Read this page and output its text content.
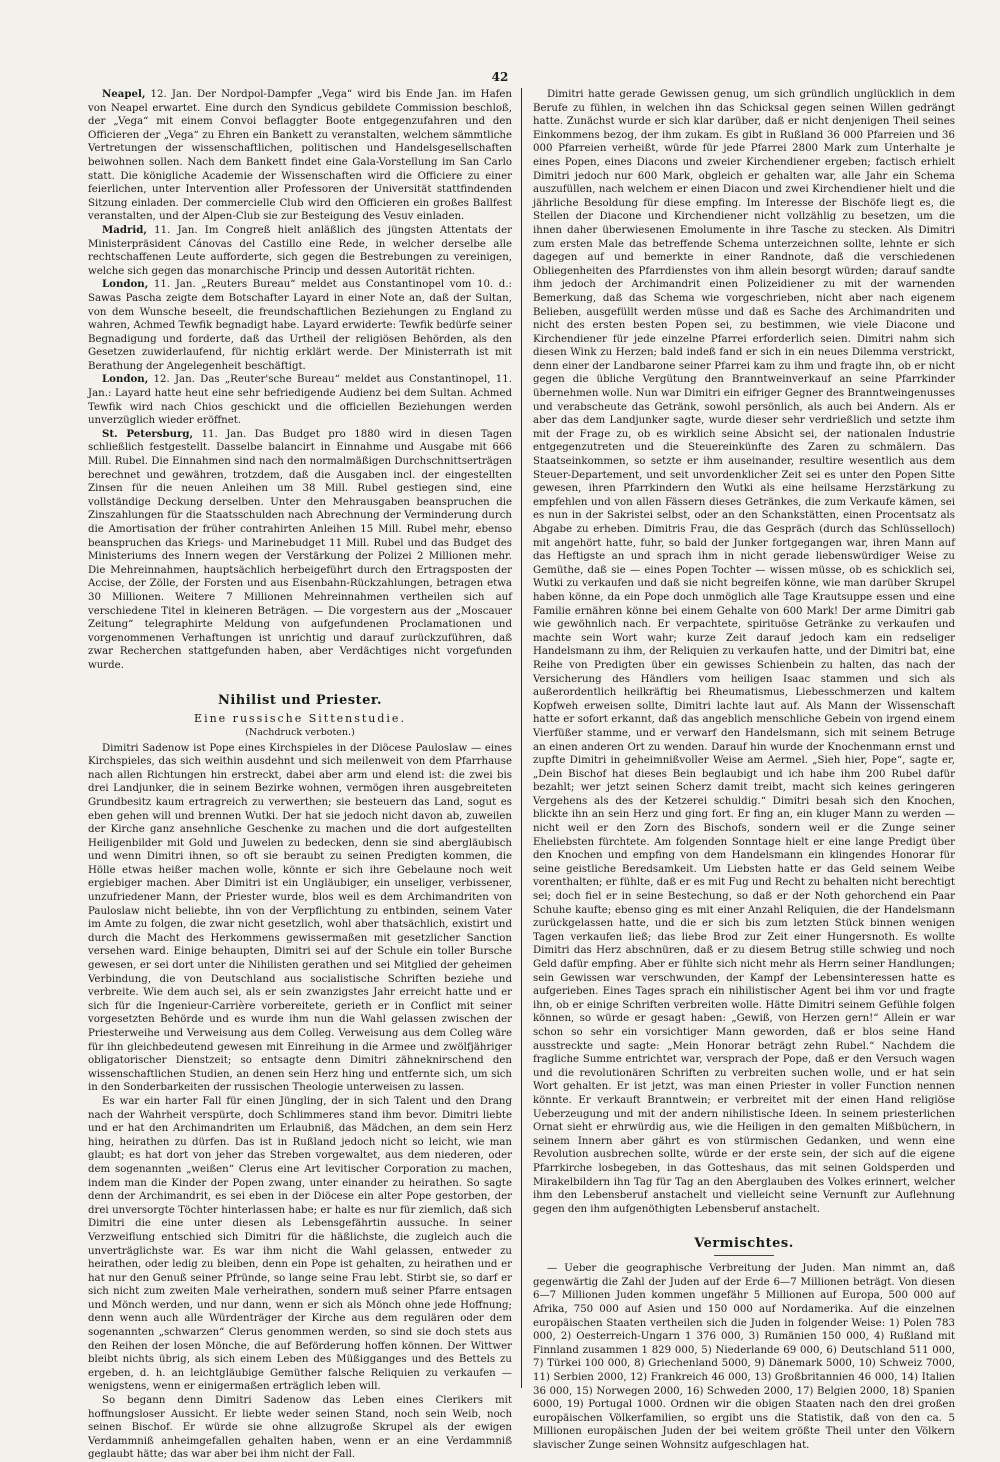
42

Neapel, 12. Jan. Der Nordpol-Dampfer „Vega“ wird bis Ende Jan. im Hafen von Neapel erwartet. Eine durch den Syndicus gebildete Commission beschloß, der „Vega“ mit einem Convoi beflaggter Boote entgegenzufahren und den Officieren der „Vega“ zu Ehren ein Bankett zu veranstalten, welchem sämmtliche Vertretungen der wissenschaftlichen, politischen und Handelsgesellschaften beiwohnen sollen. Nach dem Bankett findet eine Gala-Vorstellung im San Carlo statt. Die königliche Academie der Wissenschaften wird die Officiere zu einer feierlichen, unter Intervention aller Professoren der Universität stattfindenden Sitzung einladen. Der commercielle Club wird den Officieren ein großes Ballfest veranstalten, und der Alpen-Club sie zur Besteigung des Vesuv einladen.

Madrid, 11. Jan. Im Congreß hielt anläßlich des jüngsten Attentats der Ministerpräsident Cánovas del Castillo eine Rede, in welcher derselbe alle rechtschaffenen Leute aufforderte, sich gegen die Bestrebungen zu vereinigen, welche sich gegen das monarchische Princip und dessen Autorität richten.

London, 11. Jan. „Reuters Bureau“ meldet aus Constantinopel vom 10. d.: Sawas Pascha zeigte dem Botschafter Layard in einer Note an, daß der Sultan, von dem Wunsche beseelt, die freundschaftlichen Beziehungen zu England zu wahren, Achmed Tewfik begnadigt habe. Layard erwiderte: Tewfik bedürfe seiner Begnadigung und forderte, daß das Urtheil der religiösen Behörden, als den Gesetzen zuwiderlaufend, für nichtig erklärt werde. Der Ministerrath ist mit Berathung der Angelegenheit beschäftigt.

London, 12. Jan. Das „Reuter'sche Bureau“ meldet aus Constantinopel, 11. Jan.: Layard hatte heut eine sehr befriedigende Audienz bei dem Sultan. Achmed Tewfik wird nach Chios geschickt und die officiellen Beziehungen werden unverzüglich wieder eröffnet.

St. Petersburg, 11. Jan. Das Budget pro 1880 wird in diesen Tagen schließlich festgestellt. Dasselbe balancirt in Einnahme und Ausgabe mit 666 Mill. Rubel. Die Einnahmen sind nach den normalmäßigen Durchschnittserträgen berechnet und gewähren, trotzdem, daß die Ausgaben incl. der eingestellten Zinsen für die neuen Anleihen um 38 Mill. Rubel gestiegen sind, eine vollständige Deckung derselben. Unter den Mehrausgaben beanspruchen die Zinszahlungen für die Staatsschulden nach Abrechnung der Verminderung durch die Amortisation der früher contrahirten Anleihen 15 Mill. Rubel mehr, ebenso beanspruchen das Kriegs- und Marinebudget 11 Mill. Rubel und das Budget des Ministeriums des Innern wegen der Verstärkung der Polizei 2 Millionen mehr. Die Mehreinnahmen, hauptsächlich herbeigeführt durch den Ertragsposten der Accise, der Zölle, der Forsten und aus Eisenbahn-Rückzahlungen, betragen etwa 30 Millionen. Weitere 7 Millionen Mehreinnahmen vertheilen sich auf verschiedene Titel in kleineren Beträgen. — Die vorgestern aus der „Moscauer Zeitung“ telegraphirte Meldung von aufgefundenen Proclamationen und vorgenommenen Verhaftungen ist unrichtig und darauf zurückzuführen, daß zwar Recherchen stattgefunden haben, aber Verdächtiges nicht vorgefunden wurde.

Nihilist und Priester.
Eine russische Sittenstudie.
(Nachdruck verboten.)

Dimitri Sadenow ist Pope eines Kirchspieles in der Diöcese Pauloslaw — eines Kirchspieles, das sich weithin ausdehnt und sich meilenweit von dem Pfarrhause nach allen Richtungen hin erstreckt, dabei aber arm und elend ist: die zwei bis drei Landjunker, die in seinem Bezirke wohnen, vermögen ihren ausgebreiteten Grundbesitz kaum ertragreich zu verwerthen; sie besteuern das Land, sogut es eben gehen will und brennen Wutki. Der hat sie jedoch nicht davon ab, zuweilen der Kirche ganz ansehnliche Geschenke zu machen und die dort aufgestellten Heiligenbilder mit Gold und Juwelen zu bedecken, denn sie sind abergläubisch und wenn Dimitri ihnen, so oft sie beraubt zu seinen Predigten kommen, die Hölle etwas heißer machen wolle, könnte er sich ihre Gebelaune noch weit ergiebiger machen. Aber Dimitri ist ein Ungläubiger, ein unseliger, verbissener, unzufriedener Mann, der Priester wurde, blos weil es dem Archimandriten von Pauloslaw nicht beliebte, ihn von der Verpflichtung zu entbinden, seinem Vater im Amte zu folgen, die zwar nicht gesetzlich, wohl aber thatsächlich, existirt und durch die Macht des Herkommens gewissermaßen mit gesetzlicher Sanction versehen ward. Einige behaupten, Dimitri sei auf der Schule ein toller Bursche gewesen, er sei dort unter die Nihilisten gerathen und sei Mitglied der geheimen Verbindung, die von Deutschland aus socialistische Schriften beziehe und verbreite. Wie dem auch sei, als er sein zwanzigstes Jahr erreicht hatte und er sich für die Ingenieur-Carrière vorbereitete, gerieth er in Conflict mit seiner vorgesetzten Behörde und es wurde ihm nun die Wahl gelassen zwischen der Priesterweihe und Verweisung aus dem Colleg. Verweisung aus dem Colleg wäre für ihn gleichbedeutend gewesen mit Einreihung in die Armee und zwölfjähriger obligatorischer Dienstzeit; so entsagte denn Dimitri zähneknirschend den wissenschaftlichen Studien, an denen sein Herz hing und entfernte sich, um sich in den Sonderbarkeiten der russischen Theologie unterweisen zu lassen.

Es war ein harter Fall für einen Jüngling, der in sich Talent und den Drang nach der Wahrheit verspürte, doch Schlimmeres stand ihm bevor. Dimitri liebte und er hat den Archimandriten um Erlaubniß, das Mädchen, an dem sein Herz hing, heirathen zu dürfen. Das ist in Rußland jedoch nicht so leicht, wie man glaubt; es hat dort von jeher das Streben vorgewaltet, aus dem niederen, oder dem sogenannten „weißen“ Clerus eine Art levitischer Corporation zu machen, indem man die Kinder der Popen zwang, unter einander zu heirathen. So sagte denn der Archimandrit, es sei eben in der Diöcese ein alter Pope gestorben, der drei unversorgte Töchter hinterlassen habe; er halte es nur für ziemlich, daß sich Dimitri die eine unter diesen als Lebensgefährtin aussuche. In seiner Verzweiflung entschied sich Dimitri für die häßlichste, die zugleich auch die unverträglichste war. Es war ihm nicht die Wahl gelassen, entweder zu heirathen, oder ledig zu bleiben, denn ein Pope ist gehalten, zu heirathen und er hat nur den Genuß seiner Pfründe, so lange seine Frau lebt. Stirbt sie, so darf er sich nicht zum zweiten Male verheirathen, sondern muß seiner Pfarre entsagen und Mönch werden, und nur dann, wenn er sich als Mönch ohne jede Hoffnung; denn wenn auch alle Würdenträger der Kirche aus dem regulären oder dem sogenannten „schwarzen“ Clerus genommen werden, so sind sie doch stets aus den Reihen der losen Mönche, die auf Beförderung hoffen können. Der Wittwer bleibt nichts übrig, als sich einem Leben des Müßigganges und des Bettels zu ergeben, d. h. an leichtgläubige Gemüther falsche Reliquien zu verkaufen — wenigstens, wenn er einigermaßen erträglich leben will.

So begann denn Dimitri Sadenow das Leben eines Clerikers mit hoffnungsloser Aussicht. Er liebte weder seinen Stand, noch sein Weib, noch seinen Bischof. Er würde sie ohne allzugroße Skrupel als der ewigen Verdammniß anheimgefallen gehalten haben, wenn er an eine Verdammniß geglaubt hätte; das war aber bei ihm nicht der Fall.

Dimitri hatte gerade Gewissen genug, um sich gründlich unglücklich in dem Berufe zu fühlen, in welchen ihn das Schicksal gegen seinen Willen gedrängt hatte. Zunächst wurde er sich klar darüber, daß er nicht denjenigen Theil seines Einkommens bezog, der ihm zukam. Es gibt in Rußland 36 000 Pfarreien und 36 000 Pfarreien verheißt, würde für jede Pfarrei 2800 Mark zum Unterhalte je eines Popen, eines Diacons und zweier Kirchendiener ergeben; factisch erhielt Dimitri jedoch nur 600 Mark, obgleich er gehalten war, alle Jahr ein Schema auszufüllen, nach welchem er einen Diacon und zwei Kirchendiener hielt und die jährliche Besoldung für diese empfing. Im Interesse der Bischöfe liegt es, die Stellen der Diacone und Kirchendiener nicht vollzählig zu besetzen, um die ihnen daher überwiesenen Emolumente in ihre Tasche zu stecken. Als Dimitri zum ersten Male das betreffende Schema unterzeichnen sollte, lehnte er sich dagegen auf und bemerkte in einer Randnote, daß die verschiedenen Obliegenheiten des Pfarrdienstes von ihm allein besorgt würden; darauf sandte ihm jedoch der Archimandrit einen Polizeidiener zu mit der warnenden Bemerkung, daß das Schema wie vorgeschrieben, nicht aber nach eigenem Belieben, ausgefüllt werden müsse und daß es Sache des Archimandriten und nicht des ersten besten Popen sei, zu bestimmen, wie viele Diacone und Kirchendiener für jede einzelne Pfarrei erforderlich seien. Dimitri nahm sich diesen Wink zu Herzen; bald indeß fand er sich in ein neues Dilemma verstrickt, denn einer der Landbarone seiner Pfarrei kam zu ihm und fragte ihn, ob er nicht gegen die übliche Vergütung den Branntweinverkauf an seine Pfarrkinder übernehmen wolle. Nun war Dimitri ein eifriger Gegner des Branntweingenusses und verabscheute das Getränk, sowohl persönlich, als auch bei Andern. Als er aber das dem Landjunker sagte, wurde dieser sehr verdrießlich und setzte ihm mit der Frage zu, ob es wirklich seine Absicht sei, der nationalen Industrie entgegenzutreten und die Steuereinkünfte des Zaren zu schmälern. Das Staatseinkommen, so setzte er ihm auseinander, resultire wesentlich aus dem Steuer-Departement, und seit unvordenklicher Zeit sei es unter den Popen Sitte gewesen, ihren Pfarrkindern den Wutki als eine heilsame Herzstärkung zu empfehlen und von allen Fässern dieses Getränkes, die zum Verkaufe kämen, sei es nun in der Sakristei selbst, oder an den Schankstätten, einen Procentsatz als Abgabe zu erheben. Dimitris Frau, die das Gespräch (durch das Schlüsselloch) mit angehört hatte, fuhr, so bald der Junker fortgegangen war, ihren Mann auf das Heftigste an und sprach ihm in nicht gerade liebenswürdiger Weise zu Gemüthe, daß sie — eines Popen Tochter — wissen müsse, ob es schicklich sei, Wutki zu verkaufen und daß sie nicht begreifen könne, wie man darüber Skrupel haben könne, da ein Pope doch unmöglich alle Tage Krautsuppe essen und eine Familie ernähren könne bei einem Gehalte von 600 Mark! Der arme Dimitri gab wie gewöhnlich nach. Er verpachtete, spirituöse Getränke zu verkaufen und machte sein Wort wahr; kurze Zeit darauf jedoch kam ein redseliger Handelsmann zu ihm, der Reliquien zu verkaufen hatte, und der Dimitri bat, eine Reihe von Predigten über ein gewisses Schienbein zu halten, das nach der Versicherung des Händlers vom heiligen Isaac stammen und sich als außerordentlich heilkräftig bei Rheumatismus, Liebesschmerzen und kaltem Kopfweh erweisen sollte, Dimitri lachte laut auf. Als Mann der Wissenschaft hatte er sofort erkannt, daß das angeblich menschliche Gebein von irgend einem Vierfüßer stamme, und er verwarf den Handelsmann, sich mit seinem Betruge an einen anderen Ort zu wenden. Darauf hin wurde der Knochenmann ernst und zupfte Dimitri in geheimnißvoller Weise am Aermel. „Sieh hier, Pope“, sagte er, „Dein Bischof hat dieses Bein beglaubigt und ich habe ihm 200 Rubel dafür bezahlt; wer jetzt seinen Scherz damit treibt, macht sich keines geringeren Vergehens als des der Ketzerei schuldig.“ Dimitri besah sich den Knochen, blickte ihn an sein Herz und ging fort. Er fing an, ein kluger Mann zu werden — nicht weil er den Zorn des Bischofs, sondern weil er die Zunge seiner Eheliebsten fürchtete. Am folgenden Sonntage hielt er eine lange Predigt über den Knochen und empfing von dem Handelsmann ein klingendes Honorar für seine geistliche Beredsamkeit. Um Liebsten hatte er das Geld seinem Weibe vorenthalten; er fühlte, daß er es mit Fug und Recht zu behalten nicht berechtigt sei; doch fiel er in seine Bestechung, so daß er der Noth gehorchend ein Paar Schuhe kaufte; ebenso ging es mit einer Anzahl Reliquien, die der Handelsmann zurückgelassen hatte, und die er sich bis zum letzten Stück binnen wenigen Tagen verkaufen ließ; das liebe Brod zur Zeit einer Hungersnoth. Es wollte Dimitri das Herz abschnüren, daß er zu diesem Betrug stille schwieg und noch Geld dafür empfing. Aber er fühlte sich nicht mehr als Herrn seiner Handlungen; sein Gewissen war verschwunden, der Kampf der Lebensinteressen hatte es aufgerieben. Eines Tages sprach ein nihilistischer Agent bei ihm vor und fragte ihn, ob er einige Schriften verbreiten wolle. Hätte Dimitri seinem Gefühle folgen können, so würde er gesagt haben: „Gewiß, von Herzen gern!“ Allein er war schon so sehr ein vorsichtiger Mann geworden, daß er blos seine Hand ausstreckte und sagte: „Mein Honorar beträgt zehn Rubel.“ Nachdem die fragliche Summe entrichtet war, versprach der Pope, daß er den Versuch wagen und die revolutionären Schriften zu verbreiten suchen wolle, und er hat sein Wort gehalten. Er ist jetzt, was man einen Priester in voller Function nennen könnte. Er verkauft Branntwein; er verbreitet mit der einen Hand religiöse Ueberzeugung und mit der andern nihilistische Ideen. In seinem priesterlichen Ornat sieht er ehrwürdig aus, wie die Heiligen in den gemalten Mißbüchern, in seinem Innern aber gährt es von stürmischen Gedanken, und wenn eine Revolution ausbrechen sollte, würde er der erste sein, der sich auf die eigene Pfarrkirche losbegeben, in das Gotteshaus, das mit seinen Goldsperden und Mirakelbildern ihn Tag für Tag an den Aberglauben des Volkes erinnert, welcher ihm den Lebensberuf anstachelt und vielleicht seine Vernunft zur Auflehnung gegen den ihm aufgenöthigten Lebensberuf anstachelt.

Vermischtes.

— Ueber die geographische Verbreitung der Juden. Man nimmt an, daß gegenwärtig die Zahl der Juden auf der Erde 6—7 Millionen beträgt. Von diesen 6—7 Millionen Juden kommen ungefähr 5 Millionen auf Europa, 500 000 auf Afrika, 750 000 auf Asien und 150 000 auf Nordamerika. Auf die einzelnen europäischen Staaten vertheilen sich die Juden in folgender Weise: 1) Polen 783 000, 2) Oesterreich-Ungarn 1 376 000, 3) Rumänien 150 000, 4) Rußland mit Finnland zusammen 1 829 000, 5) Niederlande 69 000, 6) Deutschland 511 000, 7) Türkei 100 000, 8) Griechenland 5000, 9) Dänemark 5000, 10) Schweiz 7000, 11) Serbien 2000, 12) Frankreich 46 000, 13) Großbritannien 46 000, 14) Italien 36 000, 15) Norwegen 2000, 16) Schweden 2000, 17) Belgien 2000, 18) Spanien 6000, 19) Portugal 1000. Ordnen wir die obigen Staaten nach den drei großen europäischen Völkerfamilien, so ergibt uns die Statistik, daß von den ca. 5 Millionen europäischen Juden der bei weitem größte Theil unter den Völkern slavischer Zunge seinen Wohnsitz aufgeschlagen hat.
